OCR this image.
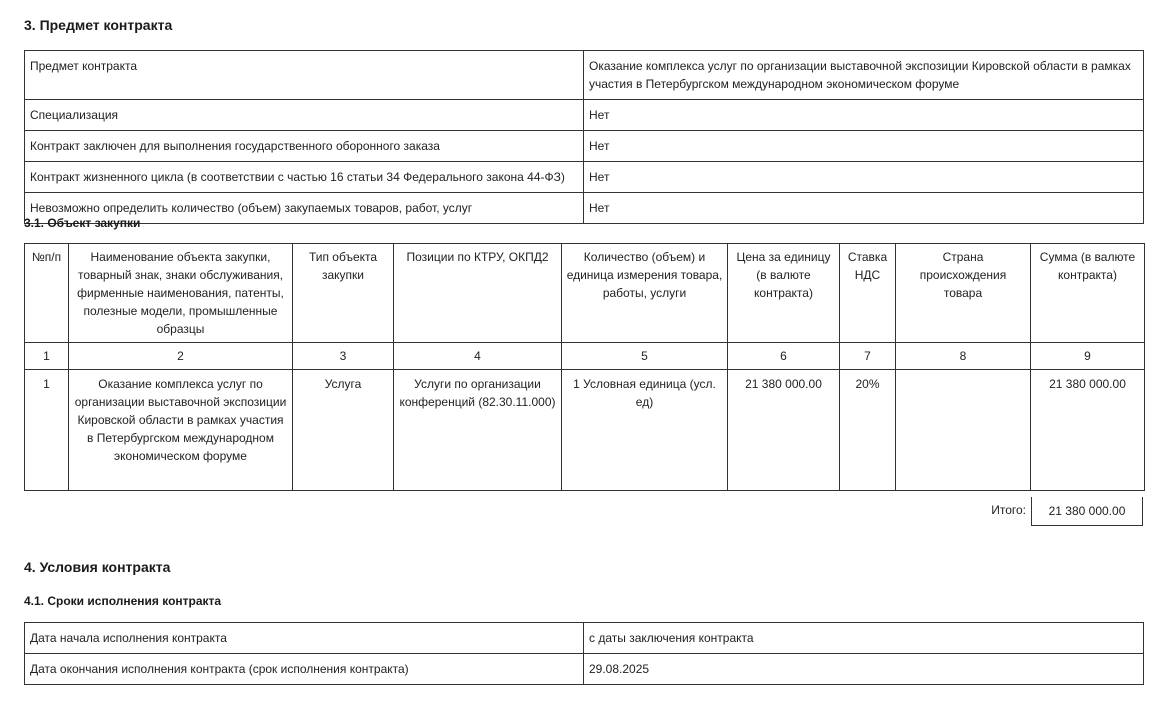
3. Предмет контракта
Предмет контракта	Оказание комплекса услуг по организации выставочной экспозиции Кировской области в рамках участия в Петербургском международном экономическом форуме
Специализация	Нет
Контракт заключен для выполнения государственного оборонного заказа	Нет
Контракт жизненного цикла (в соответствии с частью 16 статьи 34 Федерального закона 44-ФЗ)	Нет
Невозможно определить количество (объем) закупаемых товаров, работ, услуг	Нет
3.1. Объект закупки
№п/п	Наименование объекта закупки, товарный знак, знаки обслуживания, фирменные наименования, патенты, полезные модели, промышленные образцы	Тип объекта закупки	Позиции по КТРУ, ОКПД2	Количество (объем) и единица измерения товара, работы, услуги	Цена за единицу (в валюте контракта)	Ставка НДС	Страна происхождения товара	Сумма (в валюте контракта)
1	2	3	4	5	6	7	8	9
1	Оказание комплекса услуг по организации выставочной экспозиции Кировской области в рамках участия в Петербургском международном экономическом форуме	Услуга	Услуги по организации конференций (82.30.11.000)	1 Условная единица (усл. ед)	21 380 000.00	20%		21 380 000.00
Итого:	21 380 000.00
4. Условия контракта
4.1. Сроки исполнения контракта
Дата начала исполнения контракта	с даты заключения контракта
Дата окончания исполнения контракта (срок исполнения контракта)	29.08.2025
